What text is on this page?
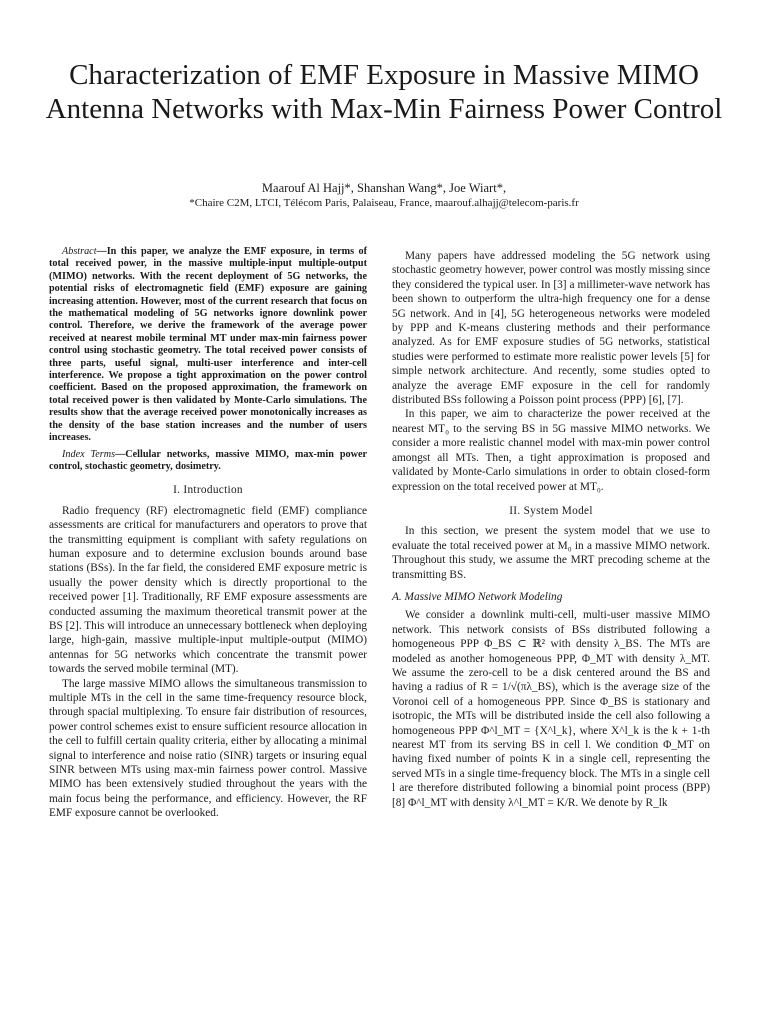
Characterization of EMF Exposure in Massive MIMO Antenna Networks with Max-Min Fairness Power Control
Maarouf Al Hajj*, Shanshan Wang*, Joe Wiart*,
*Chaire C2M, LTCI, Télécom Paris, Palaiseau, France, maarouf.alhajj@telecom-paris.fr

Abstract—In this paper, we analyze the EMF exposure, in terms of total received power, in the massive multiple-input multiple-output (MIMO) networks. With the recent deployment of 5G networks, the potential risks of electromagnetic field (EMF) exposure are gaining increasing attention. However, most of the current research that focus on the mathematical modeling of 5G networks ignore downlink power control. Therefore, we derive the framework of the average power received at nearest mobile terminal MT under max-min fairness power control using stochastic geometry. The total received power consists of three parts, useful signal, multi-user interference and inter-cell interference. We propose a tight approximation on the power control coefficient. Based on the proposed approximation, the framework on total received power is then validated by Monte-Carlo simulations. The results show that the average received power monotonically increases as the density of the base station increases and the number of users increases.

Index Terms—Cellular networks, massive MIMO, max-min power control, stochastic geometry, dosimetry.

I. Introduction

Radio frequency (RF) electromagnetic field (EMF) compliance assessments are critical for manufacturers and operators to prove that the transmitting equipment is compliant with safety regulations on human exposure and to determine exclusion bounds around base stations (BSs). In the far field, the considered EMF exposure metric is usually the power density which is directly proportional to the received power [1]. Traditionally, RF EMF exposure assessments are conducted assuming the maximum theoretical transmit power at the BS [2]. This will introduce an unnecessary bottleneck when deploying large, high-gain, massive multiple-input multiple-output (MIMO) antennas for 5G networks which concentrate the transmit power towards the served mobile terminal (MT).

The large massive MIMO allows the simultaneous transmission to multiple MTs in the cell in the same time-frequency resource block, through spacial multiplexing. To ensure fair distribution of resources, power control schemes exist to ensure sufficient resource allocation in the cell to fulfill certain quality criteria, either by allocating a minimal signal to interference and noise ratio (SINR) targets or insuring equal SINR between MTs using max-min fairness power control. Massive MIMO has been extensively studied throughout the years with the main focus being the performance, and efficiency. However, the RF EMF exposure cannot be overlooked.

Many papers have addressed modeling the 5G network using stochastic geometry however, power control was mostly missing since they considered the typical user. In [3] a millimeter-wave network has been shown to outperform the ultra-high frequency one for a dense 5G network. And in [4], 5G heterogeneous networks were modeled by PPP and K-means clustering methods and their performance analyzed. As for EMF exposure studies of 5G networks, statistical studies were performed to estimate more realistic power levels [5] for simple network architecture. And recently, some studies opted to analyze the average EMF exposure in the cell for randomly distributed BSs following a Poisson point process (PPP) [6], [7].

In this paper, we aim to characterize the power received at the nearest MT₀ to the serving BS in 5G massive MIMO networks. We consider a more realistic channel model with max-min power control amongst all MTs. Then, a tight approximation is proposed and validated by Monte-Carlo simulations in order to obtain closed-form expression on the total received power at MT₀.

II. System Model

In this section, we present the system model that we use to evaluate the total received power at M₀ in a massive MIMO network. Throughout this study, we assume the MRT precoding scheme at the transmitting BS.

A. Massive MIMO Network Modeling

We consider a downlink multi-cell, multi-user massive MIMO network. This network consists of BSs distributed following a homogeneous PPP Φ_BS ⊂ ℝ² with density λ_BS. The MTs are modeled as another homogeneous PPP, Φ_MT with density λ_MT. We assume the zero-cell to be a disk centered around the BS and having a radius of R = 1/√(πλ_BS), which is the average size of the Voronoi cell of a homogeneous PPP. Since Φ_BS is stationary and isotropic, the MTs will be distributed inside the cell also following a homogeneous PPP Φ^l_MT = {X^l_k}, where X^l_k is the k + 1-th nearest MT from its serving BS in cell l. We condition Φ_MT on having fixed number of points K in a single cell, representing the served MTs in a single time-frequency block. The MTs in a single cell l are therefore distributed following a binomial point process (BPP) [8] Φ^l_MT with density λ^l_MT = K/R. We denote by R_lk
